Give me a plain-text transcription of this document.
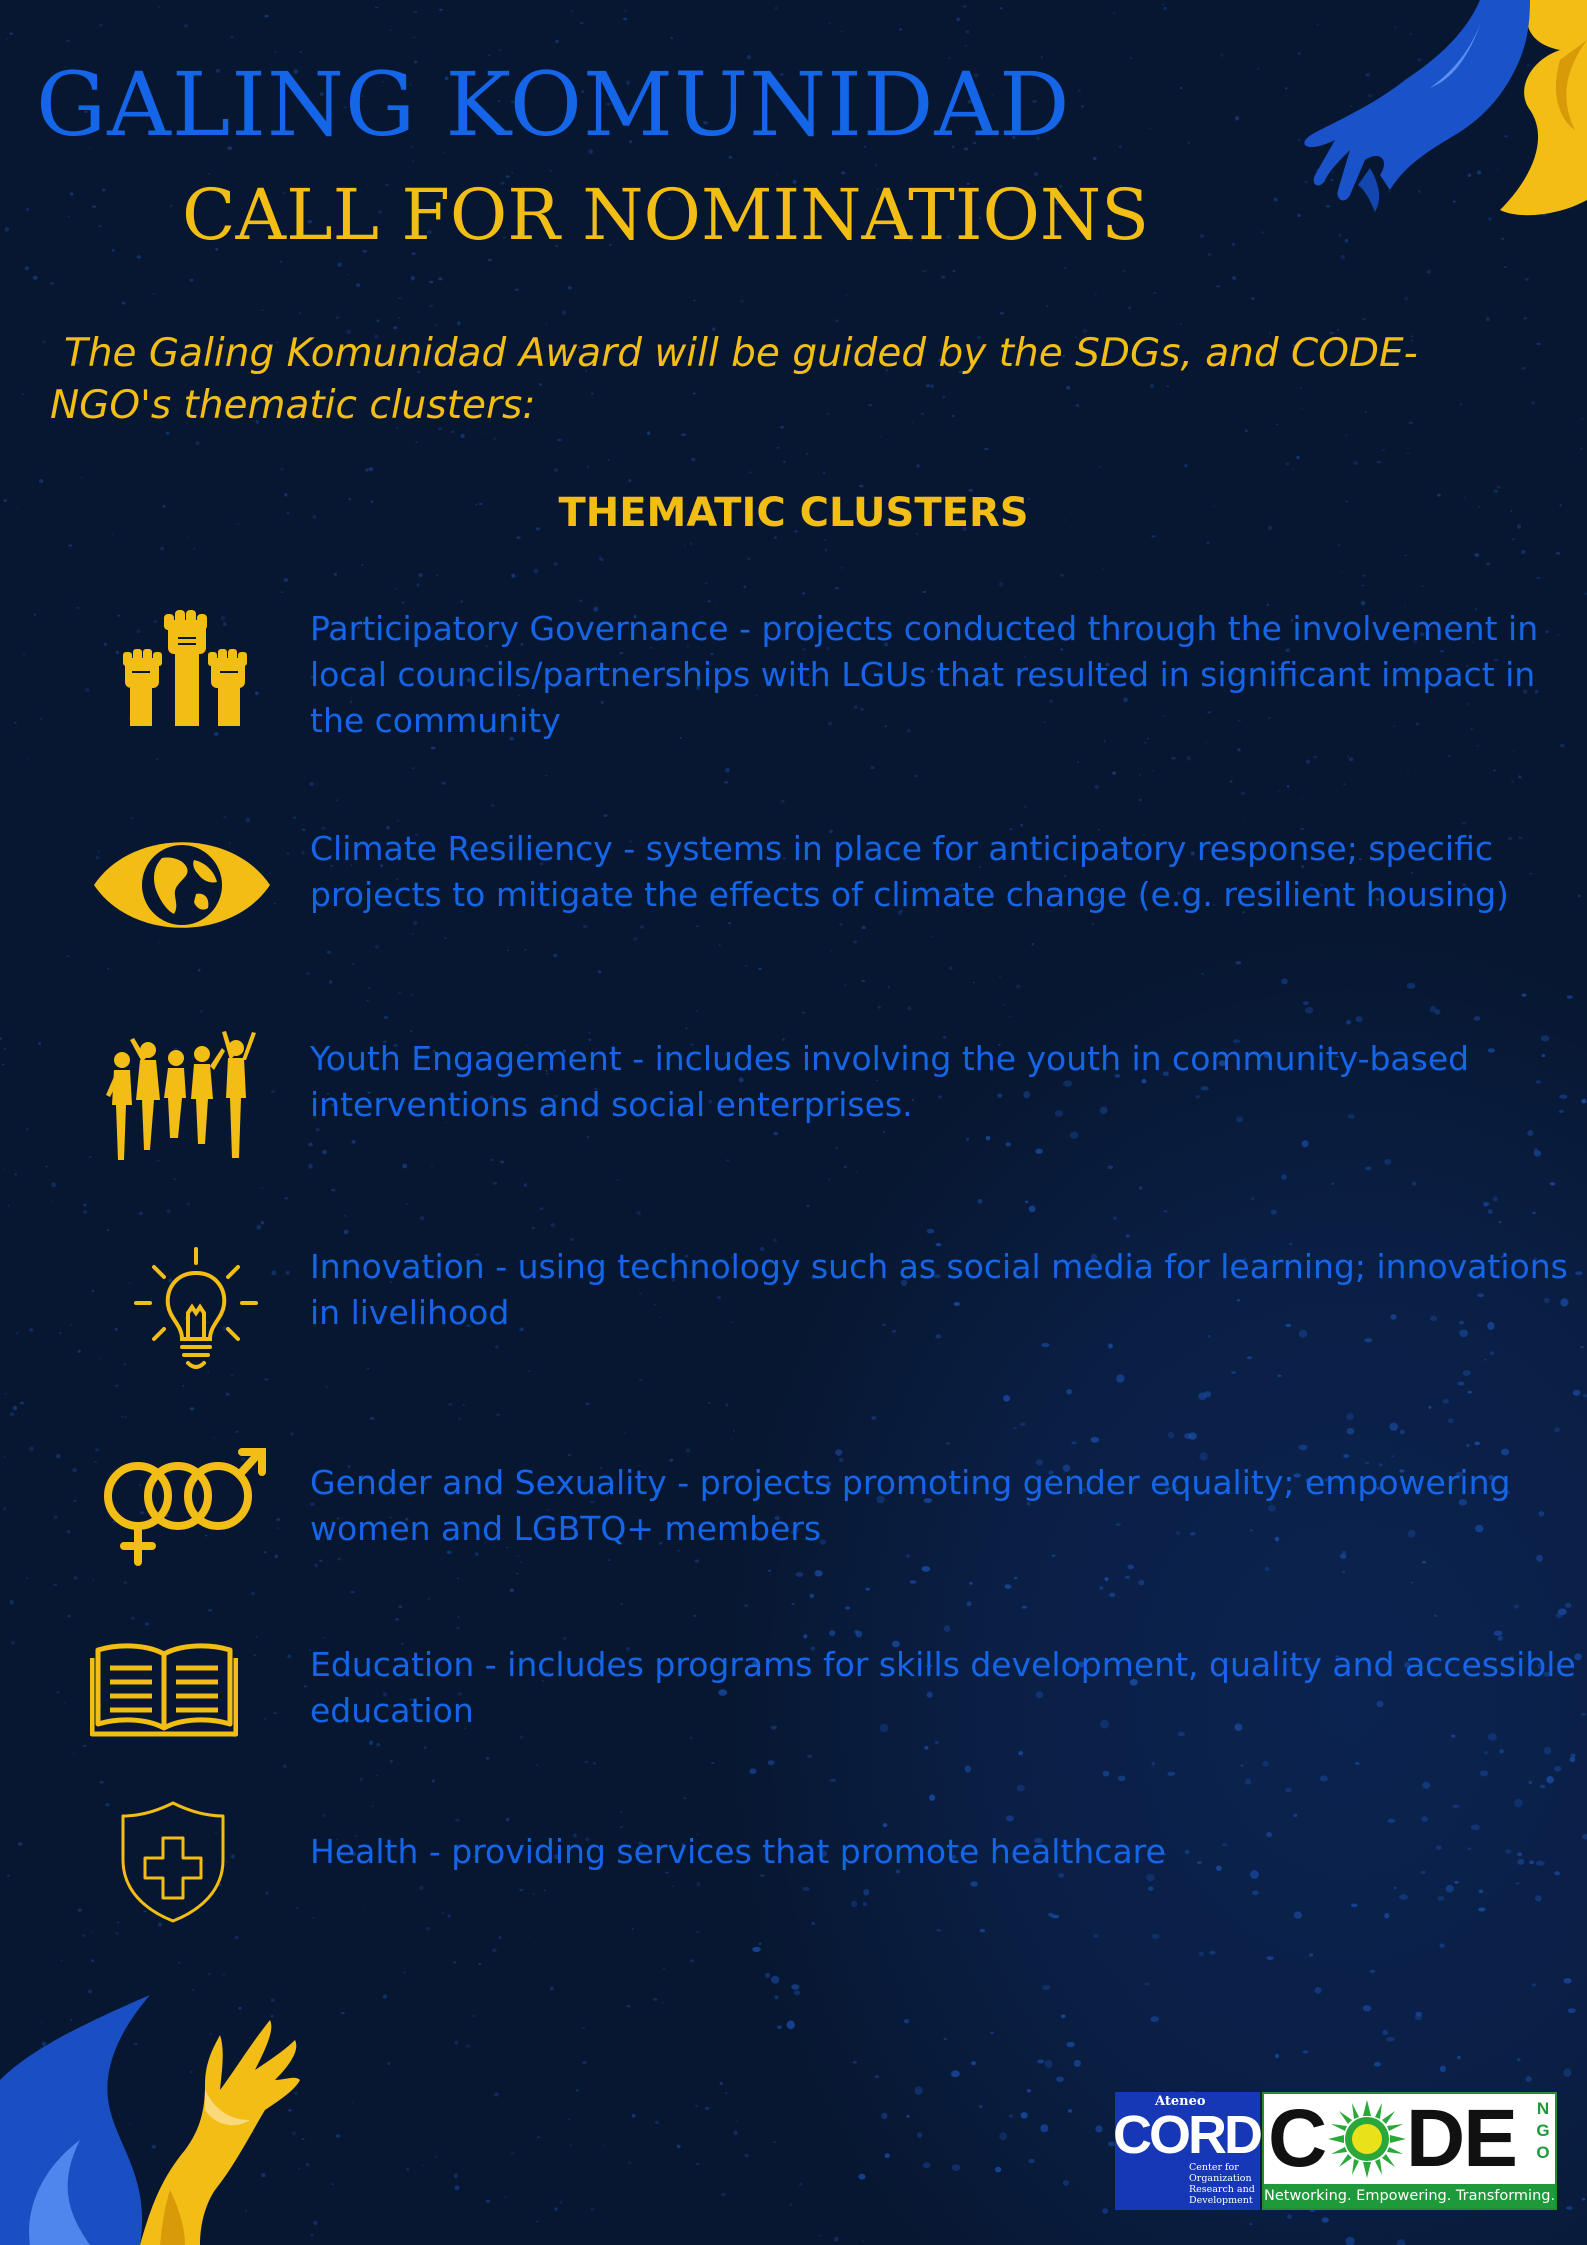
GALING KOMUNIDAD
CALL FOR NOMINATIONS

The Galing Komunidad Award will be guided by the SDGs, and CODE-NGO's thematic clusters:

THEMATIC CLUSTERS

Participatory Governance - projects conducted through the involvement in local councils/partnerships with LGUs that resulted in significant impact in the community

Climate Resiliency - systems in place for anticipatory response; specific projects to mitigate the effects of climate change (e.g. resilient housing)

Youth Engagement - includes involving the youth in community-based interventions and social enterprises.

Innovation - using technology such as social media for learning; innovations in livelihood

Gender and Sexuality - projects promoting gender equality; empowering women and LGBTQ+ members

Education - includes programs for skills development, quality and accessible education

Health - providing services that promote healthcare

Ateneo
CORD
Center for
Organization
Research and
Development
C DE NGO
Networking. Empowering. Transforming.
